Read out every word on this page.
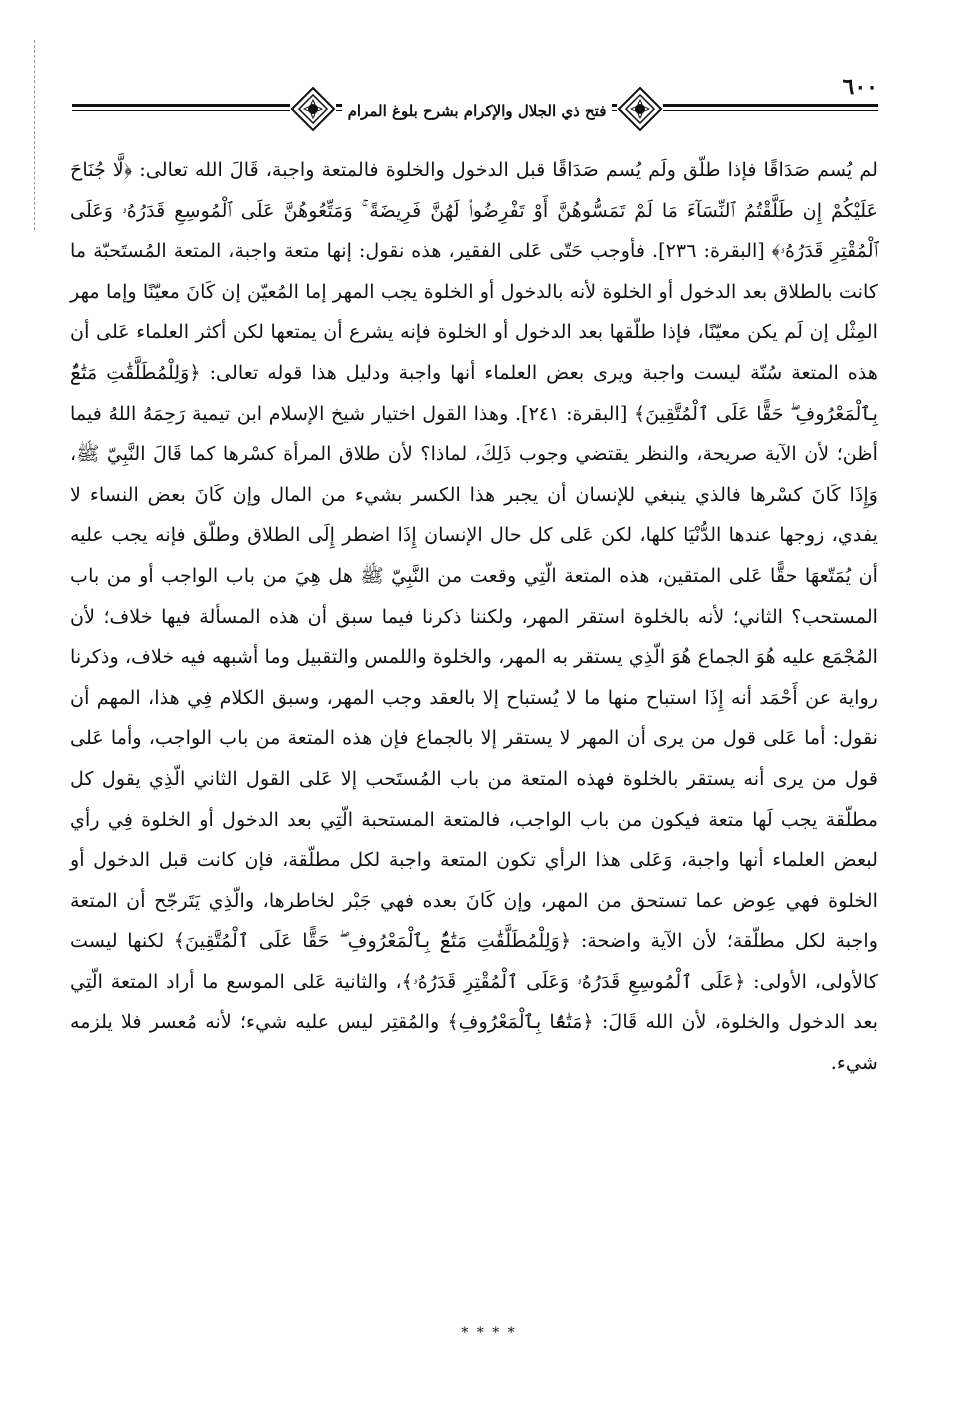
فتح ذي الجلال والإكرام بشرح بلوغ المرام
٦٠٠

لم يُسم صَدَاقًا فإذا طلّق ولَم يُسم صَدَاقًا قبل الدخول والخلوة فالمتعة واجبة، قَالَ الله تعالى: ﴿لَّا جُنَاحَ عَلَيْكُمْ إِن طَلَّقْتُمُ ٱلنِّسَآءَ مَا لَمْ تَمَسُّوهُنَّ أَوْ تَفْرِضُوا۟ لَهُنَّ فَرِيضَةً ۚ وَمَتِّعُوهُنَّ عَلَى ٱلْمُوسِعِ قَدَرُهُۥ وَعَلَى ٱلْمُقْتِرِ قَدَرُهُۥ﴾ [البقرة: ٢٣٦]. فأوجب حَتّى عَلى الفقير، هذه نقول: إنها متعة واجبة، المتعة المُستَحبّة ما كانت بالطلاق بعد الدخول أو الخلوة لأنه بالدخول أو الخلوة يجب المهر إما المُعيّن إن كَانَ معيّنًا وإما مهر المِثْل إن لَم يكن معيّنًا، فإذا طلّقها بعد الدخول أو الخلوة فإنه يشرع أن يمتعها لكن أكثر العلماء عَلى أن هذه المتعة سُنّة ليست واجبة ويرى بعض العلماء أنها واجبة ودليل هذا قوله تعالى: ﴿وَلِلْمُطَلَّقَٰتِ مَتَٰعٌۢ بِٱلْمَعْرُوفِ ۖ حَقًّا عَلَى ٱلْمُتَّقِينَ﴾ [البقرة: ٢٤١]. وهذا القول اختيار شيخ الإسلام ابن تيمية رَحِمَهُ اللهُ فيما أظن؛ لأن الآية صريحة، والنظر يقتضي وجوب ذَلِكَ، لماذا؟ لأن طلاق المرأة كسْرها كما قَالَ النَّبِيّ ﷺ، وَإِذَا كَانَ كسْرها فالذي ينبغي للإنسان أن يجبر هذا الكسر بشيء من المال وإن كَانَ بعض النساء لا يفدي، زوجها عندها الدُّنْيَا كلها، لكن عَلى كل حال الإنسان إِذَا اضطر إِلَى الطلاق وطلّق فإنه يجب عليه أن يُمَتّعهَا حقًّا عَلى المتقين، هذه المتعة الّتِي وقعت من النَّبِيّ ﷺ هل هِيَ من باب الواجب أو من باب المستحب؟ الثاني؛ لأنه بالخلوة استقر المهر، ولكننا ذكرنا فيما سبق أن هذه المسألة فيها خلاف؛ لأن المُجْمَع عليه هُوَ الجماع هُوَ الّذِي يستقر به المهر، والخلوة واللمس والتقبيل وما أشبهه فيه خلاف، وذكرنا رواية عن أَحْمَد أنه إِذَا استباح منها ما لا يُستباح إلا بالعقد وجب المهر، وسبق الكلام فِي هذا، المهم أن نقول: أما عَلى قول من يرى أن المهر لا يستقر إلا بالجماع فإن هذه المتعة من باب الواجب، وأما عَلى قول من يرى أنه يستقر بالخلوة فهذه المتعة من باب المُستَحب إلا عَلى القول الثاني الّذِي يقول كل مطلّقة يجب لَها متعة فيكون من باب الواجب، فالمتعة المستحبة الّتِي بعد الدخول أو الخلوة فِي رأي لبعض العلماء أنها واجبة، وَعَلى هذا الرأي تكون المتعة واجبة لكل مطلّقة، فإن كانت قبل الدخول أو الخلوة فهي عِوض عما تستحق من المهر، وإن كَانَ بعده فهي جَبْر لخاطرها، والّذِي يَتَرجّح أن المتعة واجبة لكل مطلّقة؛ لأن الآية واضحة: ﴿وَلِلْمُطَلَّقَٰتِ مَتَٰعٌۢ بِٱلْمَعْرُوفِ ۖ حَقًّا عَلَى ٱلْمُتَّقِينَ﴾ لكنها ليست كالأولى، الأولى: ﴿عَلَى ٱلْمُوسِعِ قَدَرُهُۥ وَعَلَى ٱلْمُقْتِرِ قَدَرُهُۥ﴾، والثانية عَلى الموسع ما أراد المتعة الّتِي بعد الدخول والخلوة، لأن الله قَالَ: ﴿مَتَٰعًۢا بِٱلْمَعْرُوفِ﴾ والمُقتِر ليس عليه شيء؛ لأنه مُعسر فلا يلزمه شيء.

* * * *
